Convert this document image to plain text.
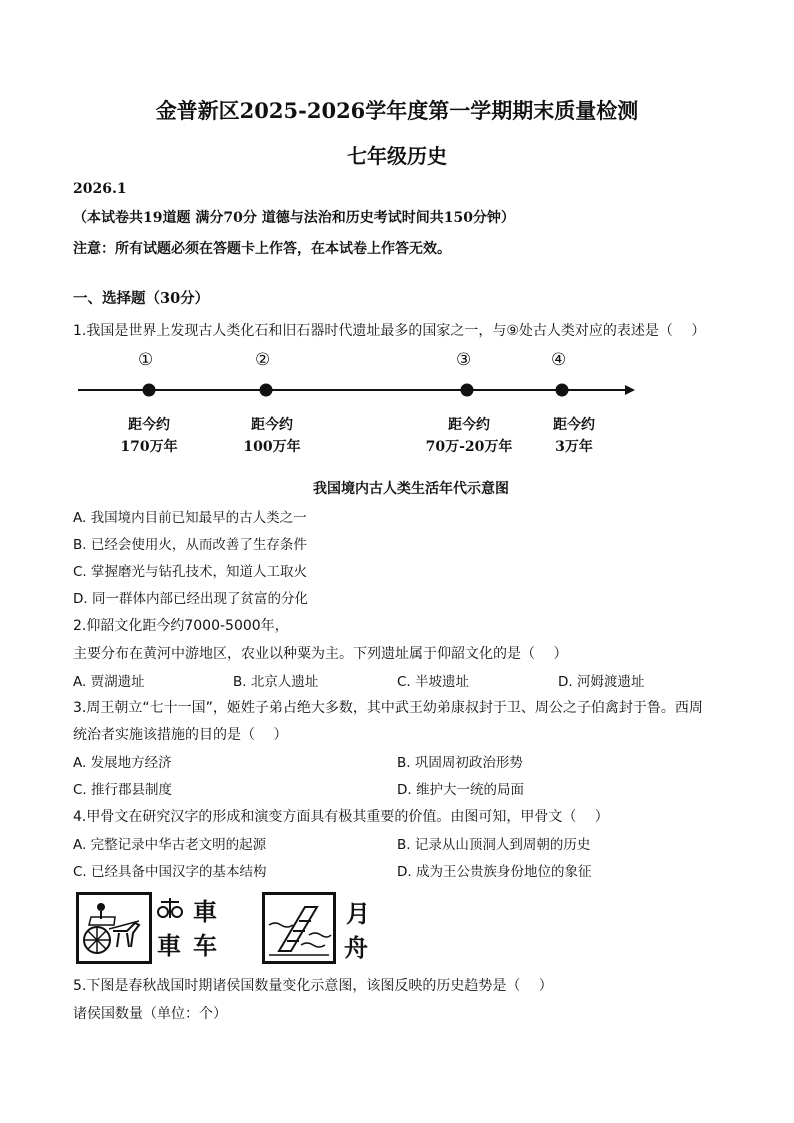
金普新区2025-2026学年度第一学期期末质量检测
七年级历史
2026.1
（本试卷共19道题 满分70分 道德与法治和历史考试时间共150分钟）
注意：所有试题必须在答题卡上作答，在本试卷上作答无效。
一、选择题（30分）
1.我国是世界上发现古人类化石和旧石器时代遗址最多的国家之一，与⑨处古人类对应的表述是（　 ）
①	②	③	④
距今约
170万年
距今约
100万年
距今约
70万-20万年
距今约
3万年
我国境内古人类生活年代示意图
A. 我国境内目前已知最早的古人类之一
B. 已经会使用火，从而改善了生存条件
C. 掌握磨光与钻孔技术，知道人工取火
D. 同一群体内部已经出现了贫富的分化
2.仰韶文化距今约7000-5000年，
主要分布在黄河中游地区，农业以种粟为主。下列遗址属于仰韶文化的是（　 ）
A. 贾湖遗址	B. 北京人遗址	C. 半坡遗址	D. 河姆渡遗址
3.周王朝立“七十一国”，姬姓子弟占绝大多数，其中武王幼弟康叔封于卫、周公之子伯禽封于鲁。西周
统治者实施该措施的目的是（　 ）
A. 发展地方经济	B. 巩固周初政治形势
C. 推行郡县制度	D. 维护大一统的局面
4.甲骨文在研究汉字的形成和演变方面具有极其重要的价值。由图可知，甲骨文（　 ）
A. 完整记录中华古老文明的起源	B. 记录从山顶洞人到周朝的历史
C. 已经具备中国汉字的基本结构	D. 成为王公贵族身份地位的象征
車
車 车
月
舟
5.下图是春秋战国时期诸侯国数量变化示意图，该图反映的历史趋势是（　 ）
诸侯国数量（单位：个）
